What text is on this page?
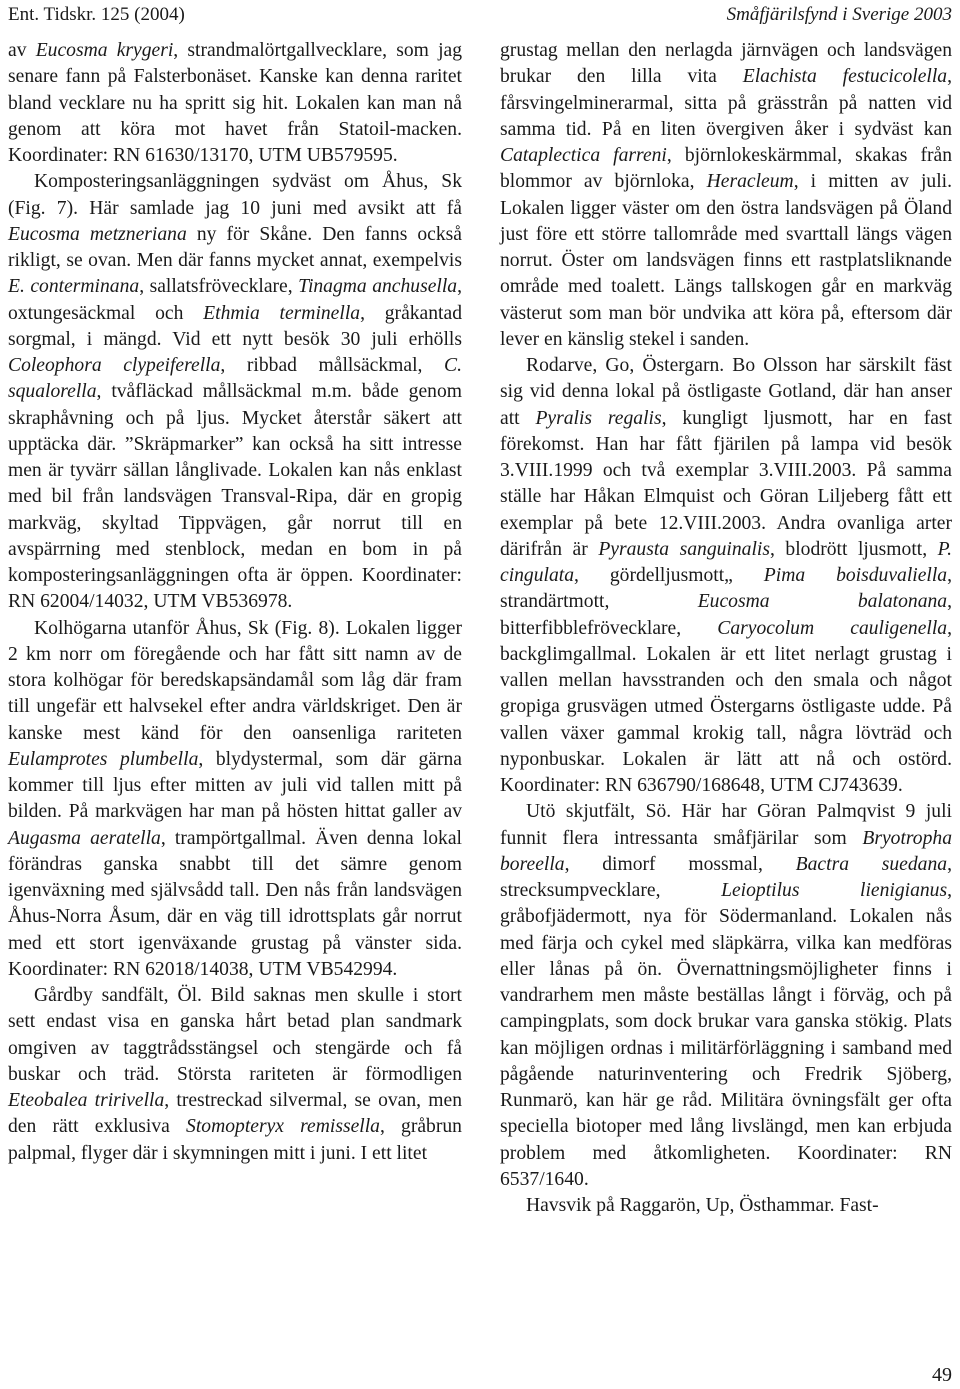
Ent. Tidskr. 125 (2004)	Småfjärilsfynd i Sverige 2003

av Eucosma krygeri, strandmalörtgallvecklare, som jag senare fann på Falsterbonäset. Kanske kan denna raritet bland vecklare nu ha spritt sig hit. Lokalen kan man nå genom att köra mot havet från Statoil-macken. Koordinater: RN 61630/13170, UTM UB579595.

Komposteringsanläggningen sydväst om Åhus, Sk (Fig. 7). Här samlade jag 10 juni med avsikt att få Eucosma metzneriana ny för Skåne. Den fanns också rikligt, se ovan. Men där fanns mycket annat, exempelvis E. conterminana, sallatsfrövecklare, Tinagma anchusella, oxtungesäckmal och Ethmia terminella, gråkantad sorgmal, i mängd. Vid ett nytt besök 30 juli erhölls Coleophora clypeiferella, ribbad mållsäckmal, C. squalorella, tvåfläckad mållsäckmal m.m. både genom skraphåvning och på ljus. Mycket återstår säkert att upptäcka där. ”Skräpmarker” kan också ha sitt intresse men är tyvärr sällan långlivade. Lokalen kan nås enklast med bil från landsvägen Transval-Ripa, där en gropig markväg, skyltad Tippvägen, går norrut till en avspärrning med stenblock, medan en bom in på komposteringsanläggningen ofta är öppen. Koordinater: RN 62004/14032, UTM VB536978.

Kolhögarna utanför Åhus, Sk (Fig. 8). Lokalen ligger 2 km norr om föregående och har fått sitt namn av de stora kolhögar för beredskapsändamål som låg där fram till ungefär ett halvsekel efter andra världskriget. Den är kanske mest känd för den oansenliga rariteten Eulamprotes plumbella, blydystermal, som där gärna kommer till ljus efter mitten av juli vid tallen mitt på bilden. På markvägen har man på hösten hittat galler av Augasma aeratella, trampörtgallmal. Även denna lokal förändras ganska snabbt till det sämre genom igenväxning med självsådd tall. Den nås från landsvägen Åhus-Norra Åsum, där en väg till idrottsplats går norrut med ett stort igenväxande grustag på vänster sida. Koordinater: RN 62018/14038, UTM VB542994.

Gårdby sandfält, Öl. Bild saknas men skulle i stort sett endast visa en ganska hårt betad plan sandmark omgiven av taggtrådsstängsel och stengärde och få buskar och träd. Största rariteten är förmodligen Eteobalea tririvella, trestreckad silvermal, se ovan, men den rätt exklusiva Stomopteryx remissella, gråbrun palpmal, flyger där i skymningen mitt i juni. I ett litet

grustag mellan den nerlagda järnvägen och landsvägen brukar den lilla vita Elachista festucicolella, fårsvingelminerarmal, sitta på grässtrån på natten vid samma tid. På en liten övergiven åker i sydväst kan Cataplectica farreni, björnlokeskärmmal, skakas från blommor av björnloka, Heracleum, i mitten av juli. Lokalen ligger väster om den östra landsvägen på Öland just före ett större tallområde med svarttall längs vägen norrut. Öster om landsvägen finns ett rastplatsliknande område med toalett. Längs tallskogen går en markväg västerut som man bör undvika att köra på, eftersom där lever en känslig stekel i sanden.

Rodarve, Go, Östergarn. Bo Olsson har särskilt fäst sig vid denna lokal på östligaste Gotland, där han anser att Pyralis regalis, kungligt ljusmott, har en fast förekomst. Han har fått fjärilen på lampa vid besök 3.VIII.1999 och två exemplar 3.VIII.2003. På samma ställe har Håkan Elmquist och Göran Liljeberg fått ett exemplar på bete 12.VIII.2003. Andra ovanliga arter därifrån är Pyrausta sanguinalis, blodrött ljusmott, P. cingulata, gördelljusmott„ Pima boisduvaliella, strandärtmott, Eucosma balatonana, bitterfibblefrövecklare, Caryocolum cauligenella, backglimgallmal. Lokalen är ett litet nerlagt grustag i vallen mellan havsstranden och den smala och något gropiga grusvägen utmed Östergarns östligaste udde. På vallen växer gammal krokig tall, några lövträd och nyponbuskar. Lokalen är lätt att nå och ostörd. Koordinater: RN 636790/168648, UTM CJ743639.

Utö skjutfält, Sö. Här har Göran Palmqvist 9 juli funnit flera intressanta småfjärilar som Bryotropha boreella, dimorf mossmal, Bactra suedana, strecksumpvecklare, Leioptilus lienigianus, gråbofjädermott, nya för Södermanland. Lokalen nås med färja och cykel med släpkärra, vilka kan medföras eller lånas på ön. Övernattningsmöjligheter finns i vandrarhem men måste beställas långt i förväg, och på campingplats, som dock brukar vara ganska stökig. Plats kan möjligen ordnas i militärförläggning i samband med pågående naturinventering och Fredrik Sjöberg, Runmarö, kan här ge råd. Militära övningsfält ger ofta speciella biotoper med lång livslängd, men kan erbjuda problem med åtkomligheten. Koordinater: RN 6537/1640.

Havsvik på Raggarön, Up, Östhammar. Fast-

49
